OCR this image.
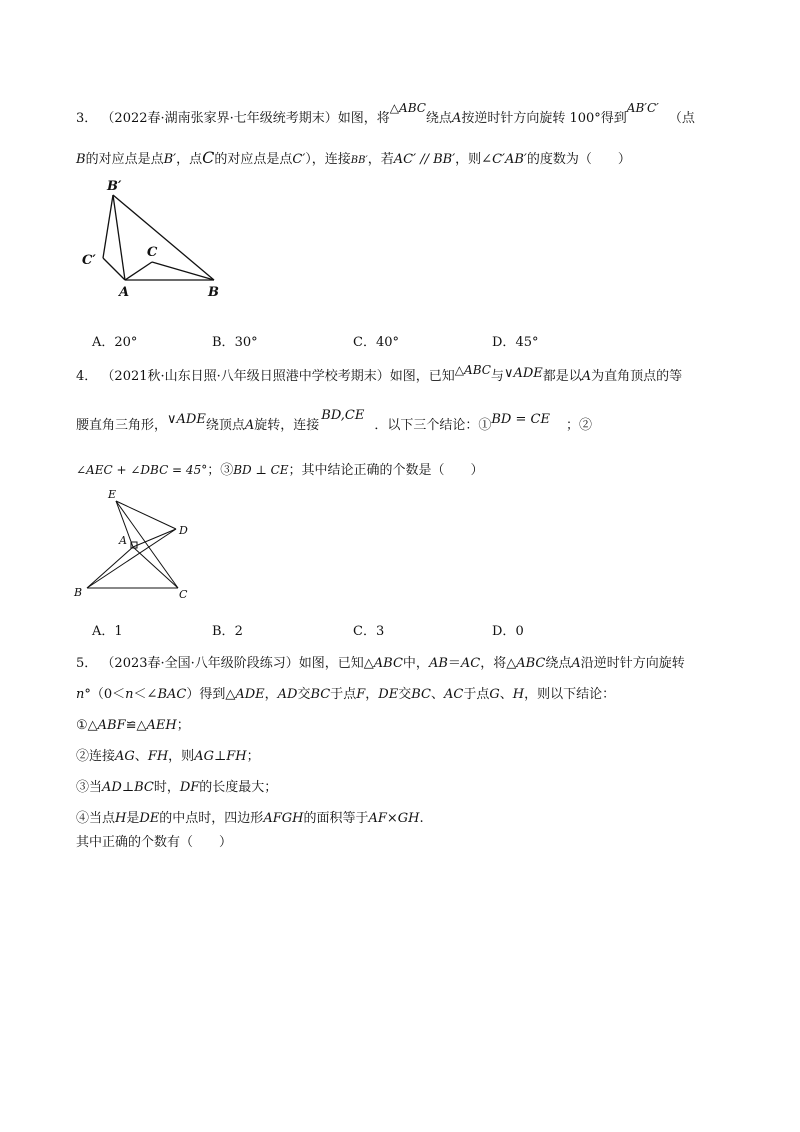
3． （2022春·湖南张家界·七年级统考期末）如图，将△ABC绕点A按逆时针方向旋转 100°得到AB′C′（点
B的对应点是点B′，点C的对应点是点C′），连接BB′，若AC′ // BB′，则∠C′AB′的度数为（　　）
B′
C′
C
A	B
A．20°	B．30°	C．40°	D．45°
4． （2021秋·山东日照·八年级日照港中学校考期末）如图，已知△ABC与∨ADE都是以A为直角顶点的等
腰直角三角形，∨ADE绕顶点A旋转，连接BD,CE．以下三个结论：①BD = CE ；②
∠AEC + ∠DBC = 45°；③BD ⊥ CE；其中结论正确的个数是（　　）
E
D
A
B	C
A．1	B．2	C．3	D．0
5． （2023春·全国·八年级阶段练习）如图，已知△ABC中，AB＝AC，将△ABC绕点A沿逆时针方向旋转
n°（0＜n＜∠BAC）得到△ADE，AD交BC于点F，DE交BC、AC于点G、H，则以下结论：
①△ABF≌△AEH；
②连接AG、FH，则AG⊥FH；
③当AD⊥BC时，DF的长度最大；
④当点H是DE的中点时，四边形AFGH的面积等于AF×GH.
其中正确的个数有（　　）
